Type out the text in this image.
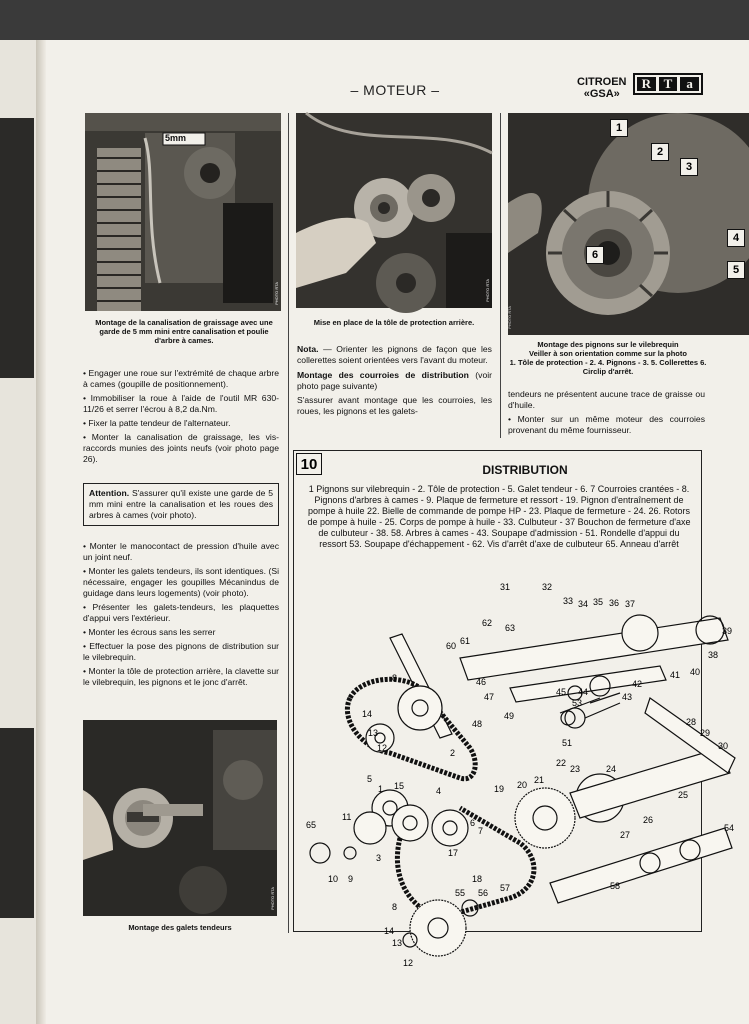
– MOTEUR –	CITROEN
«GSA»
R T	a
5mm
PHOTO RTA
Montage de la canalisation de graissage avec une garde de 5 mm mini entre canalisation et poulie d'arbre à cames.
PHOTO RTA
Mise en place de la tôle de protection arrière.
1
2
3
4
5
6
PHOTO RTA
Montage des pignons sur le vilebrequin
Veiller à son orientation comme sur la photo
1. Tôle de protection - 2. 4. Pignons - 3. 5. Collerettes 6. Circlip d'arrêt.

• Engager une roue sur l'extrémité de chaque arbre à cames (goupille de positionnement).

• Immobiliser la roue à l'aide de l'outil MR 630-11/26 et serrer l'écrou à 8,2 da.Nm.

• Fixer la patte tendeur de l'alternateur.

• Monter la canalisation de graissage, les vis-raccords munies des joints neufs (voir photo page 26).

Attention. S'assurer qu'il existe une garde de 5 mm mini entre la canalisation et les roues des arbres à cames (voir photo).

• Monter le manocontact de pression d'huile avec un joint neuf.

• Monter les galets tendeurs, ils sont identiques. (Si nécessaire, engager les goupilles Mécanindus de guidage dans leurs logements) (voir photo).

• Présenter les galets-tendeurs, les plaquettes d'appui vers l'extérieur.

• Monter les écrous sans les serrer

• Effectuer la pose des pignons de distribution sur le vilebrequin.

• Monter la tôle de protection arrière, la clavette sur le vilebrequin, les pignons et le jonc d'arrêt.

PHOTO RTA
Montage des galets tendeurs

Nota. — Orienter les pignons de façon que les collerettes soient orientées vers l'avant du moteur.

Montage des courroies de distribution (voir photo page suivante)

S'assurer avant montage que les courroies, les roues, les pignons et les galets-

tendeurs ne présentent aucune trace de graisse ou d'huile.

• Monter sur un même moteur des courroies provenant du même fournisseur.

10	DISTRIBUTION
1 Pignons sur vilebrequin - 2. Tôle de protection - 5. Galet tendeur - 6. 7 Courroies crantées - 8. Pignons d'arbres à cames - 9. Plaque de fermeture et ressort - 19. Pignon d'entraînement de pompe à huile 22. Bielle de commande de pompe HP - 23. Plaque de fermeture - 24. 26. Rotors de pompe à huile - 25. Corps de pompe à huile - 33. Culbuteur - 37 Bouchon de fermeture d'axe de culbuteur - 38. 58. Arbres à cames - 43. Soupape d'admission - 51. Rondelle d'appui du ressort 53. Soupape d'échappement - 62. Vis d'arrêt d'axe de culbuteur 65. Anneau d'arrêt
31	32
33 34 35 36 37
39
38
40
41
42
43
44
45
46
47
48
49
51
53
60 61
62 63
8
14
13
12	2
5
1 15	4
3
6
7
65
11
9
10
17
18
19 20 21
22
23	24
25
26
27
28
29
30
54
55 56 57	58
8
14
13
12
